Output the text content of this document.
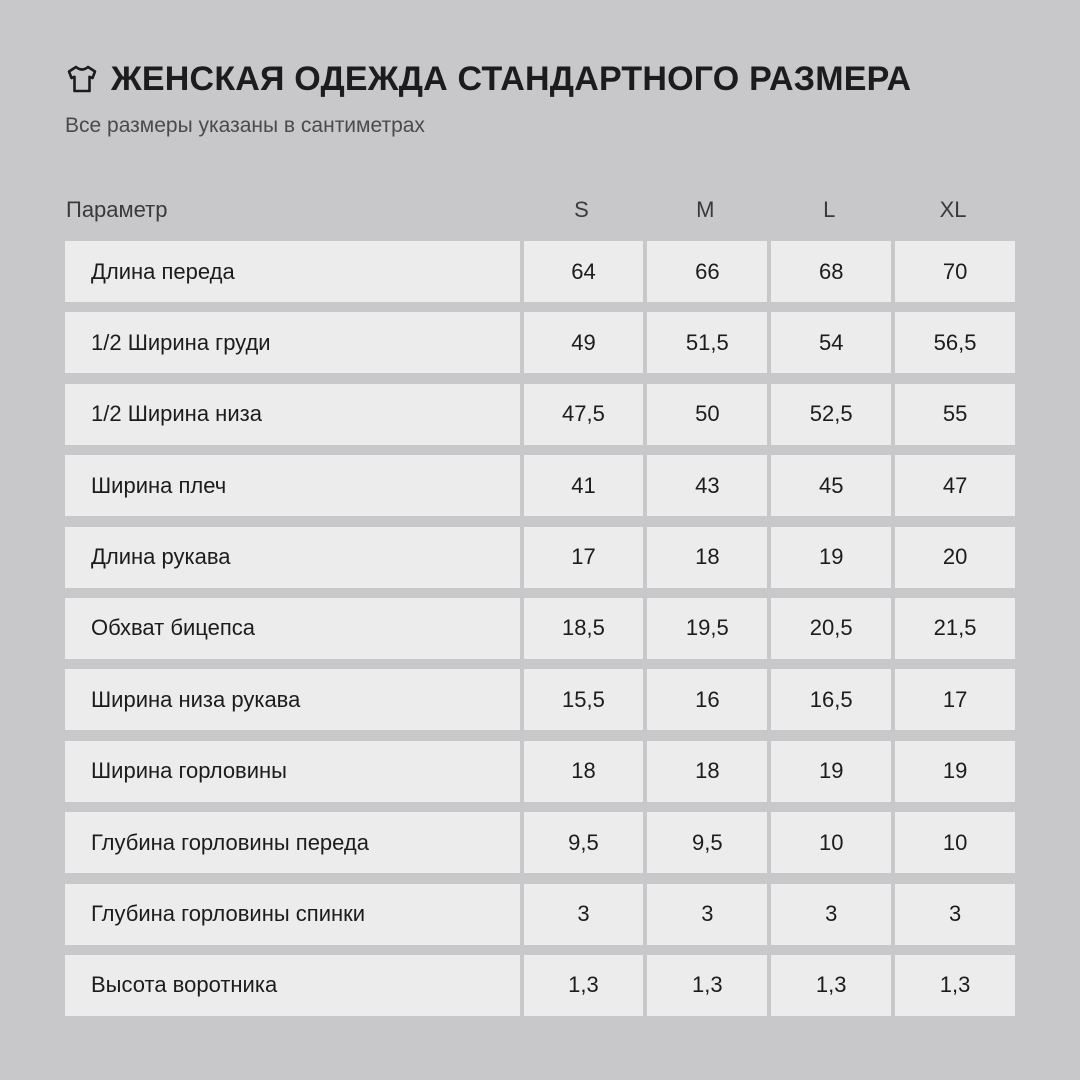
ЖЕНСКАЯ ОДЕЖДА СТАНДАРТНОГО РАЗМЕРА
Все размеры указаны в сантиметрах
Параметр	S	M	L	XL
Длина переда	64	66	68	70
1/2 Ширина груди	49	51,5	54	56,5
1/2 Ширина низа	47,5	50	52,5	55
Ширина плеч	41	43	45	47
Длина рукава	17	18	19	20
Обхват бицепса	18,5	19,5	20,5	21,5
Ширина низа рукава	15,5	16	16,5	17
Ширина горловины	18	18	19	19
Глубина горловины переда	9,5	9,5	10	10
Глубина горловины спинки	3	3	3	3
Высота воротника	1,3	1,3	1,3	1,3
